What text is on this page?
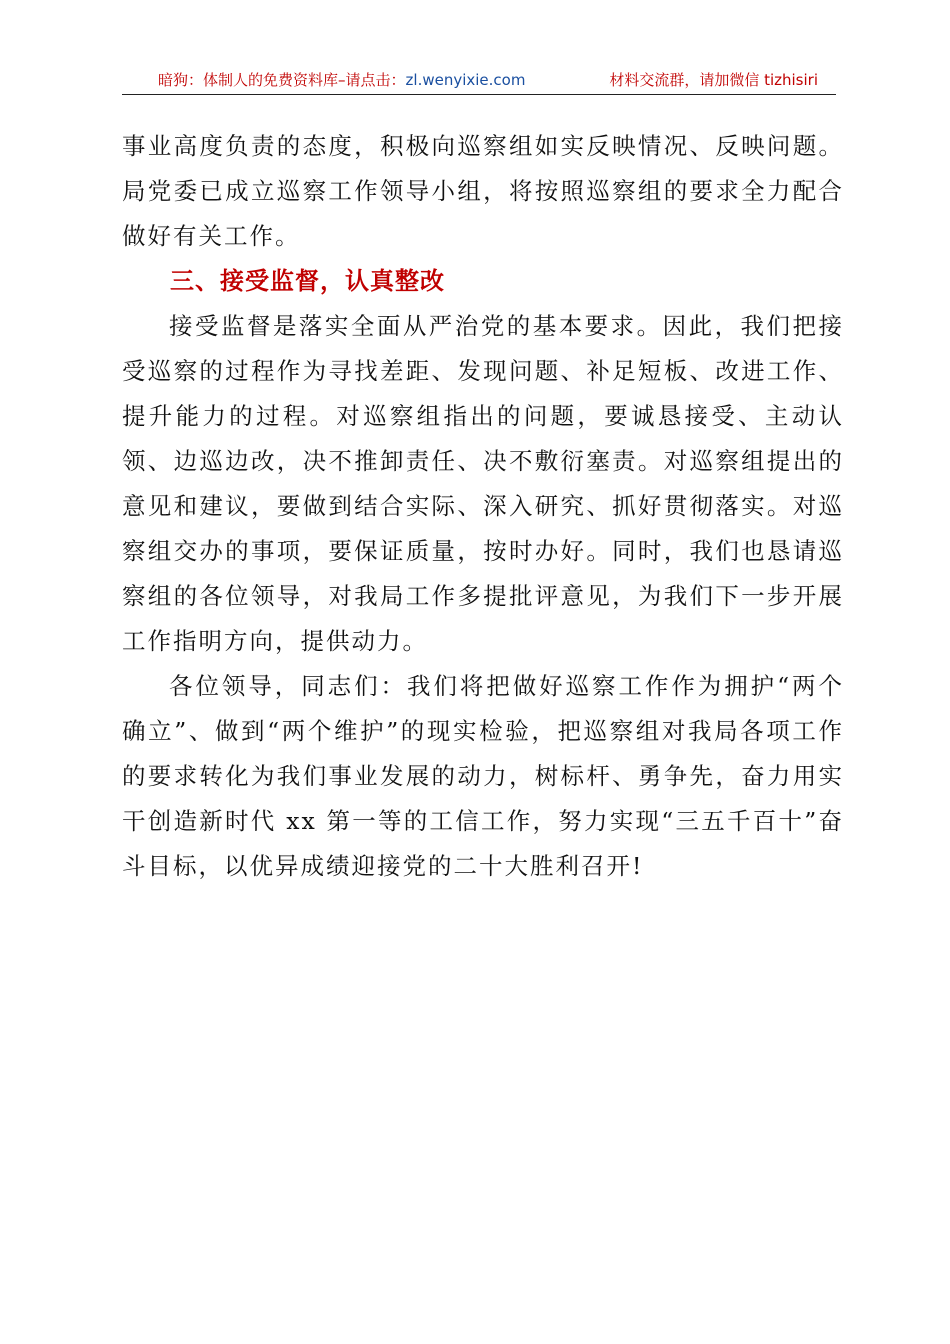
暗狗：体制人的免费资料库–请点击：zl.wenyixie.com	材料交流群，请加微信 tizhisiri

事业高度负责的态度，积极向巡察组如实反映情况、反映问题。局党委已成立巡察工作领导小组，将按照巡察组的要求全力配合做好有关工作。

三、接受监督，认真整改

接受监督是落实全面从严治党的基本要求。因此，我们把接受巡察的过程作为寻找差距、发现问题、补足短板、改进工作、提升能力的过程。对巡察组指出的问题，要诚恳接受、主动认领、边巡边改，决不推卸责任、决不敷衍塞责。对巡察组提出的意见和建议，要做到结合实际、深入研究、抓好贯彻落实。对巡察组交办的事项，要保证质量，按时办好。同时，我们也恳请巡察组的各位领导，对我局工作多提批评意见，为我们下一步开展工作指明方向，提供动力。

各位领导，同志们：我们将把做好巡察工作作为拥护“两个确立”、做到“两个维护”的现实检验，把巡察组对我局各项工作的要求转化为我们事业发展的动力，树标杆、勇争先，奋力用实干创造新时代 xx 第一等的工信工作，努力实现“三五千百十”奋斗目标，以优异成绩迎接党的二十大胜利召开!
